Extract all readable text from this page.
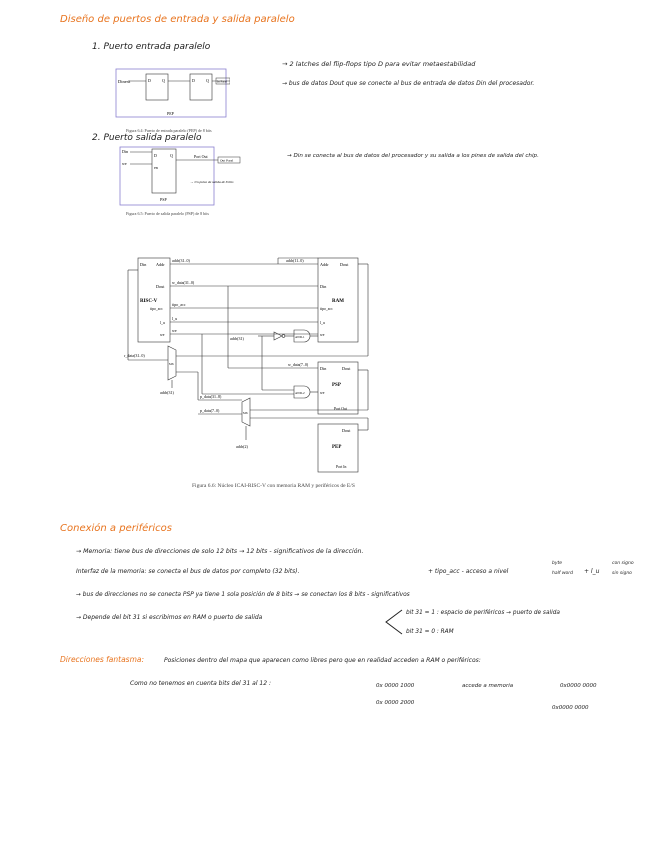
Diseño de puertos de entrada y salida paralelo
1. Puerto entrada paralelo
→ 2 latches del flip-flops tipo D para evitar metaestabilidad
→ bus de datos Dout que se conecte al bus de entrada de datos Din del procesador.
Dinext	D	Q	D	Q	In Paral
PEP
Figura 6.4: Puerto de entrada paralelo (PEP) de 8 bits
2. Puerto salida paralelo
→ Din se conecta al bus de datos del procesador y su salida a los pines de salida del chip.
Din
we
D	Q
en
Port Out
Out Paral
→ Un pulso de salida de 8 bits
PSP
Figura 6.5: Puerto de salida paralelo (PSP) de 8 bits
Din Addr
Dout
RISC-V
tipo_acc
l_u
we
Addr	Dout
Din
RAM
tipo_acc
l_u
we
Din	Dout
PSP
we
Port Out
Dout
PEP
Port In
addr(31..0)	addr(11..0)
w_data(31..0)
tipo_acc
l_u
we
addr(31)	AND-1
AND-2
w_data(7..0)
r_data(31..0)
MX
addr(31)
p_data(31..8)
p_data(7..0)	MX
addr(2)
Figura 6.6: Núcleo ICAI-RISC-V con memoria RAM y periféricos de E/S
Conexión a periféricos
→ Memoria: tiene bus de direcciones de solo 12 bits → 12 bits - significativos de la dirección.
Interfaz de la memoria: se conecta el bus de datos por completo (32 bits).	+ tipo_acc - acceso a nivel
byte
half word + l_u
con signo
sin signo
→ bus de direcciones no se conecta PSP ya tiene 1 sola posición de 8 bits → se conectan los 8 bits - significativos
→ Depende del bit 31 si escribimos en RAM o puerto de salida
bit 31 = 1 : espacio de periféricos → puerto de salida
bit 31 = 0 : RAM
Direcciones fantasma:	Posiciones dentro del mapa que aparecen como libres pero que en realidad acceden a RAM o periféricos:
Como no tenemos en cuenta bits del 31 al 12 :	0x 0000 1000	accede a memoria	0x0000 0000
0x 0000 2000
0x0000 0000
